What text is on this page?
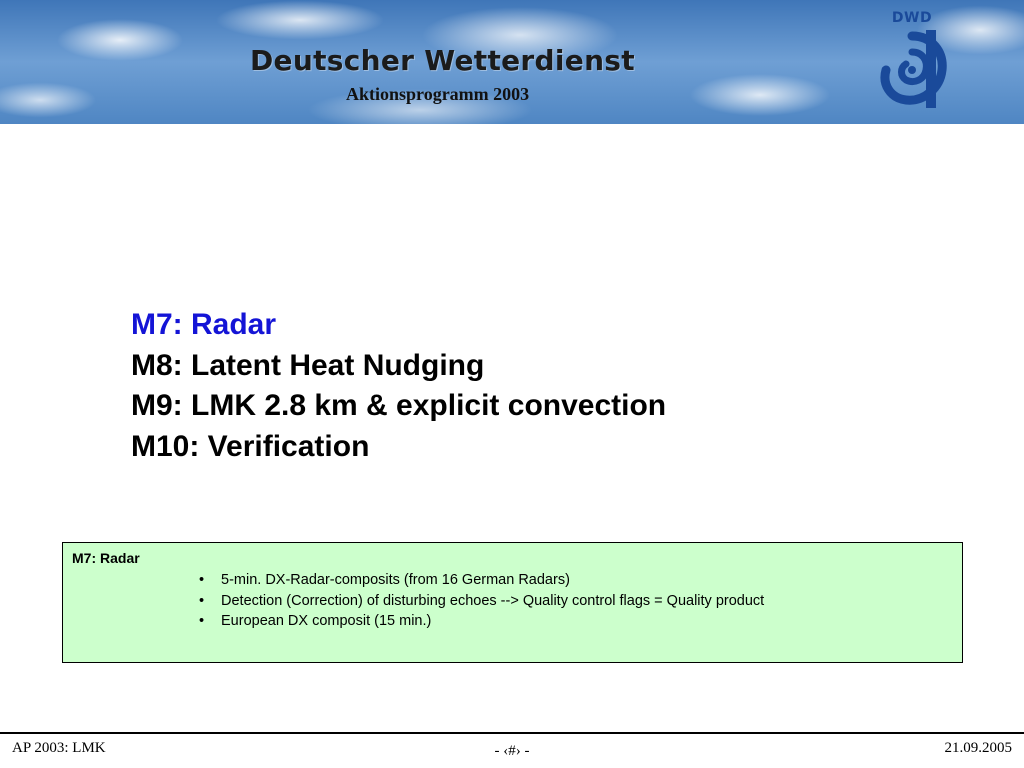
Deutscher Wetterdienst
Aktionsprogramm 2003
DWD
M7: Radar
M8: Latent Heat Nudging
M9: LMK 2.8 km & explicit convection
M10: Verification
M7: Radar
• 5-min. DX-Radar-composits (from 16 German Radars)
• Detection (Correction) of disturbing echoes --> Quality control flags = Quality product
• European DX composit (15 min.)
AP 2003: LMK	- ‹#› -	21.09.2005
